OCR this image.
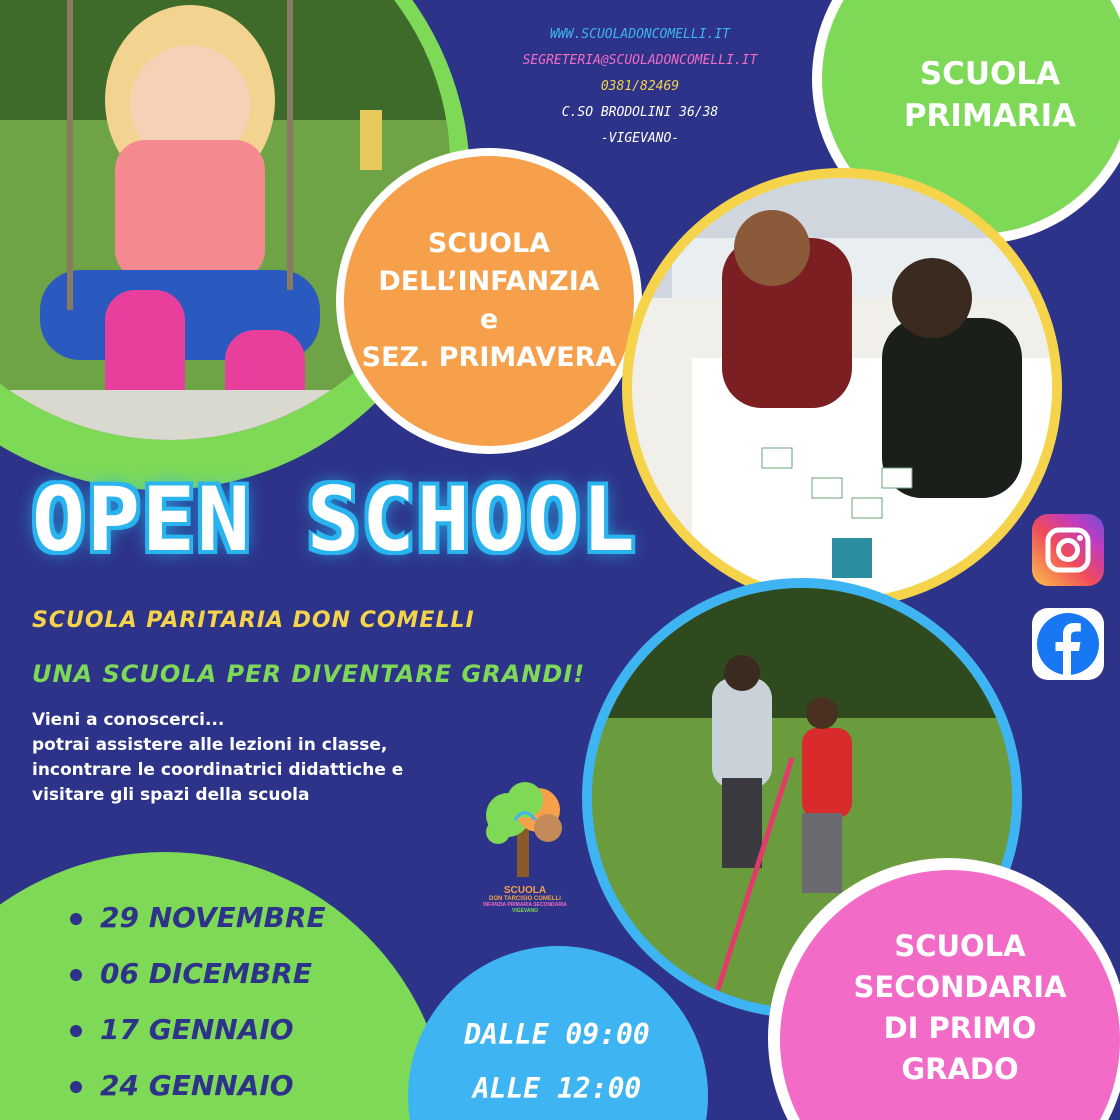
SCUOLA
DELL’INFANZIA
e
SEZ. PRIMAVERA
SCUOLA
PRIMARIA
WWW.SCUOLADONCOMELLI.IT
SEGRETERIA@SCUOLADONCOMELLI.IT
0381/82469
C.SO BRODOLINI 36/38
-VIGEVANO-
OPEN SCHOOL
SCUOLA PARITARIA DON COMELLI
UNA SCUOLA PER DIVENTARE GRANDI!
Vieni a conoscerci...
potrai assistere alle lezioni in classe,
incontrare le coordinatrici didattiche e
visitare gli spazi della scuola
SCUOLA
DON TARCISIO COMELLI
INFANZIA PRIMARIA SECONDARIA
VIGEVANO
29 NOVEMBRE
06 DICEMBRE
17 GENNAIO
24 GENNAIO
DALLE 09:00
ALLE 12:00
SCUOLA
SECONDARIA
DI PRIMO
GRADO
